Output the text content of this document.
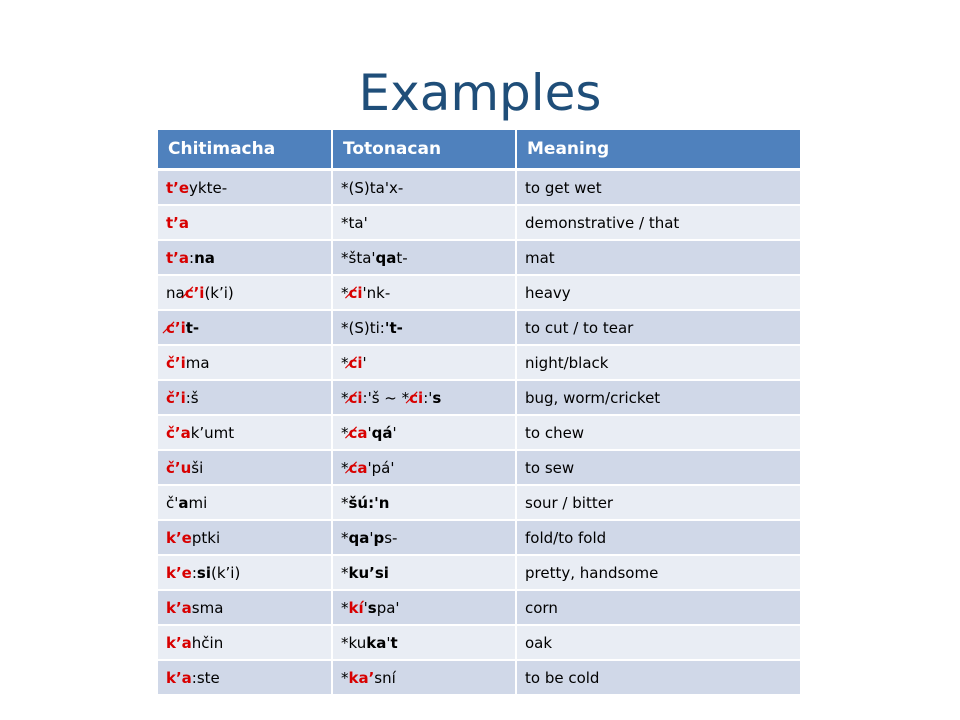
Examples
Chitimacha	Totonacan	Meaning
t’eykte-	*(S)ta'x-	to get wet
t’a	*ta'	demonstrative / that
t’a:na	*šta'qat-	mat
nac̸’i(k’i)	*c̸i'nk-	heavy
c̸’it-	*(S)ti:'t-	to cut / to tear
č’ima	*c̸i'	night/black
č’i:š	*c̸i:'š ~ *c̸i:'s	bug, worm/cricket
č’ak’umt	*c̸a'qá'	to chew
č’uši	*c̸a'pá'	to sew
č'ami	*šú:'n	sour / bitter
k’eptki	*qa'ps-	fold/to fold
k’e:si(k’i)	*ku’si	pretty, handsome
k’asma	*kí'spa'	corn
k’ahčin	*kuka't	oak
k’a:ste	*ka’sní	to be cold
